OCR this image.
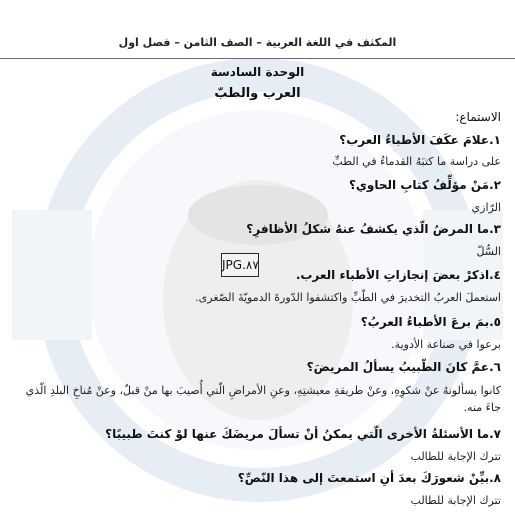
المكثف في اللغة العربية – الصف الثامن – فصل اول
الوحدة السادسة
العرب والطبّ
الاستماع:
١.علامَ عكَفَ الأطباءُ العرب؟
على دراسة ما كتبَهُ القدماءُ في الطبِّ
٢.مَنْ مؤلِّفُ كتابِ الحاوي؟
الرّازي
٣.ما المرضُ الّذي يكشفُ عنهُ شكلُ الأظافرِ؟
السُّلّ
٤.اذكرْ بعضَ إنجازاتِ الأطباء العرب.
استعملَ العربُ التخديرَ في الطّبِّ واكتشفوا الدّورةَ الدمويّةَ الصّغرى.
٥.بمَ برعَ الأطباءُ العربُ؟
برعوا في صناعة الأدوية.
٦.عمَّ كانَ الطّبيبُ يسألُ المريضَ؟
كانوا يسألونهُ عنْ شكوِهِ، وعنْ طريقةِ معيشتِهِ، وعنِ الأمراضِ الّتي أُصيبَ بها منْ قبلُ، وعنْ مُناخِ البلدِ الّذي جاءَ منه.
٧.ما الأسئلةُ الأخرى الّتي يمكنُ أنْ تسألَ مريضَكَ عنها لوْ كنتَ طبيبًا؟
تترك الإجابة للطالب
٨.بيِّنْ شعورَكَ بعدَ أنِ استمعتَ إلى هذا النّصِّ؟
تترك الإجابة للطالب
JPG.٨٧
